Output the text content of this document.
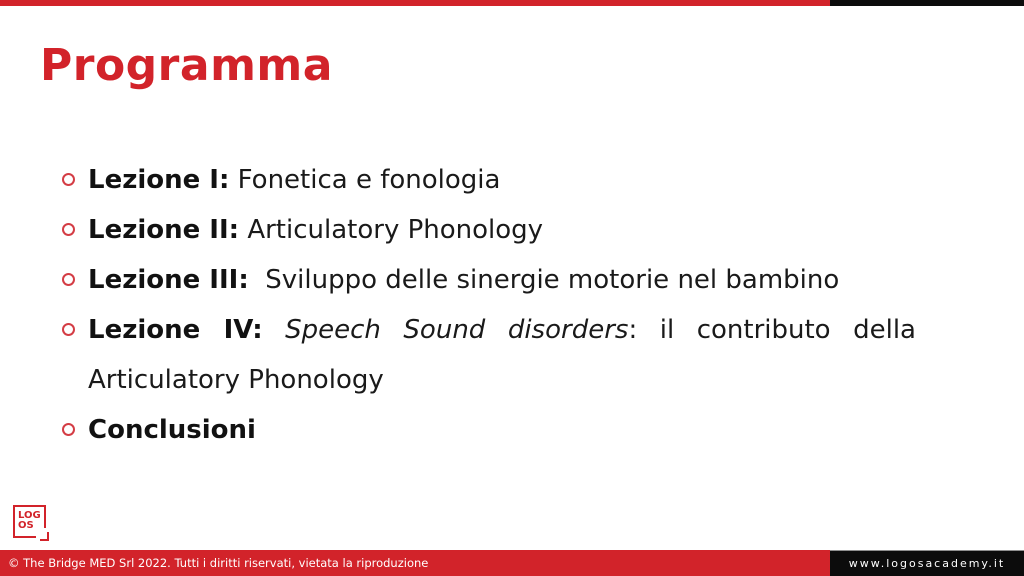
Programma
Lezione I: Fonetica e fonologia
Lezione II: Articulatory Phonology
Lezione III:  Sviluppo delle sinergie motorie nel bambino
Lezione IV: Speech Sound disorders: il contributo della Articulatory Phonology
Conclusioni
LOG
OS
© The Bridge MED Srl 2022. Tutti i diritti riservati, vietata la riproduzione	www.logosacademy.it
